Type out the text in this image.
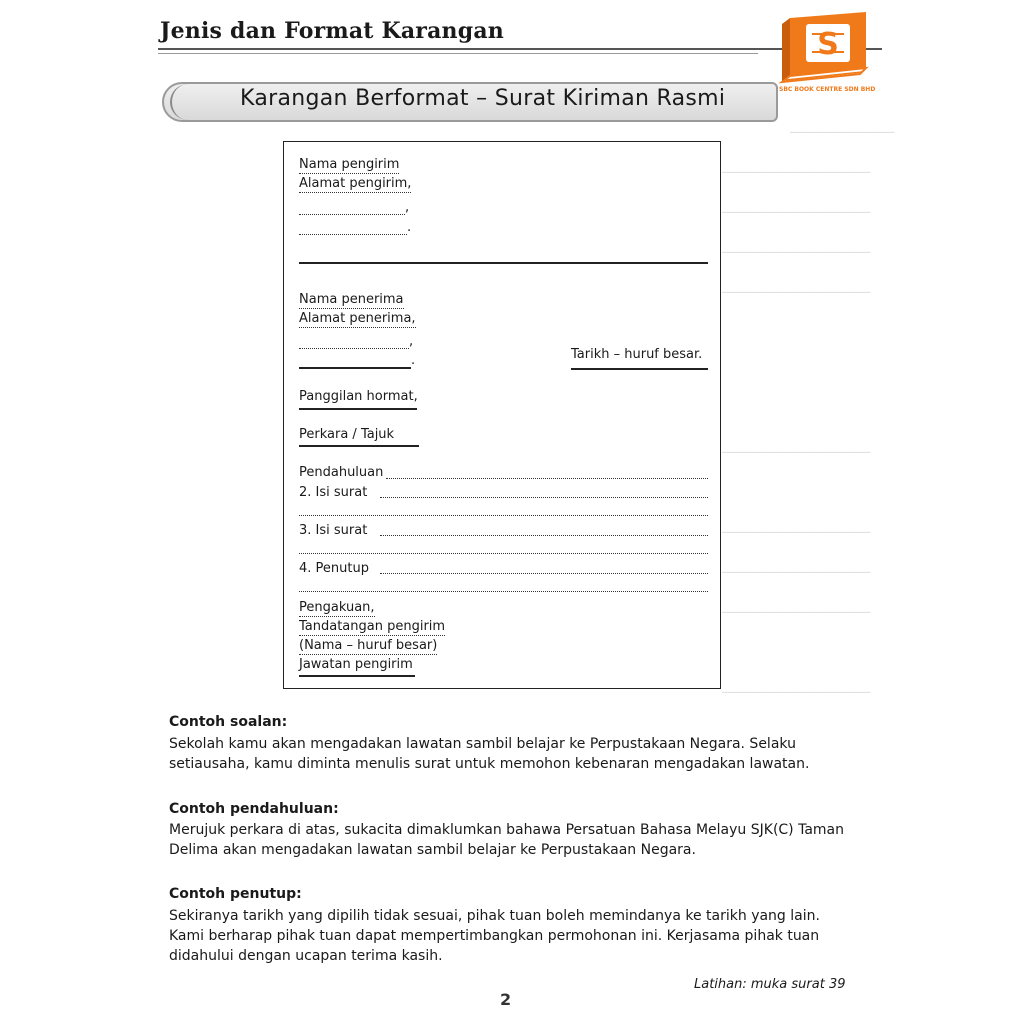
Jenis dan Format Karangan	S
SBC BOOK CENTRE SDN BHD
Karangan Berformat – Surat Kiriman Rasmi
___________________
___________________________
___________________________
___________________________
___________________________

___________________________
___________________________
___________________________
___________________________
___________________________
Nama pengirim
Alamat pengirim,
,
.
Nama penerima
Alamat penerima,
,
.	Tarikh – huruf besar.
Panggilan hormat,
Perkara / Tajuk
Pendahuluan
2. Isi surat
3. Isi surat
4. Penutup
Pengakuan,
Tandatangan pengirim
(Nama – huruf besar)
Jawatan pengirim
Contoh soalan:
Sekolah kamu akan mengadakan lawatan sambil belajar ke Perpustakaan Negara. Selaku setiausaha, kamu diminta menulis surat untuk memohon kebenaran mengadakan lawatan.
Contoh pendahuluan:
Merujuk perkara di atas, sukacita dimaklumkan bahawa Persatuan Bahasa Melayu SJK(C) Taman Delima akan mengadakan lawatan sambil belajar ke Perpustakaan Negara.
Contoh penutup:
Sekiranya tarikh yang dipilih tidak sesuai, pihak tuan boleh memindanya ke tarikh yang lain. Kami berharap pihak tuan dapat mempertimbangkan permohonan ini. Kerjasama pihak tuan didahului dengan ucapan terima kasih.
Latihan: muka surat 39
2
